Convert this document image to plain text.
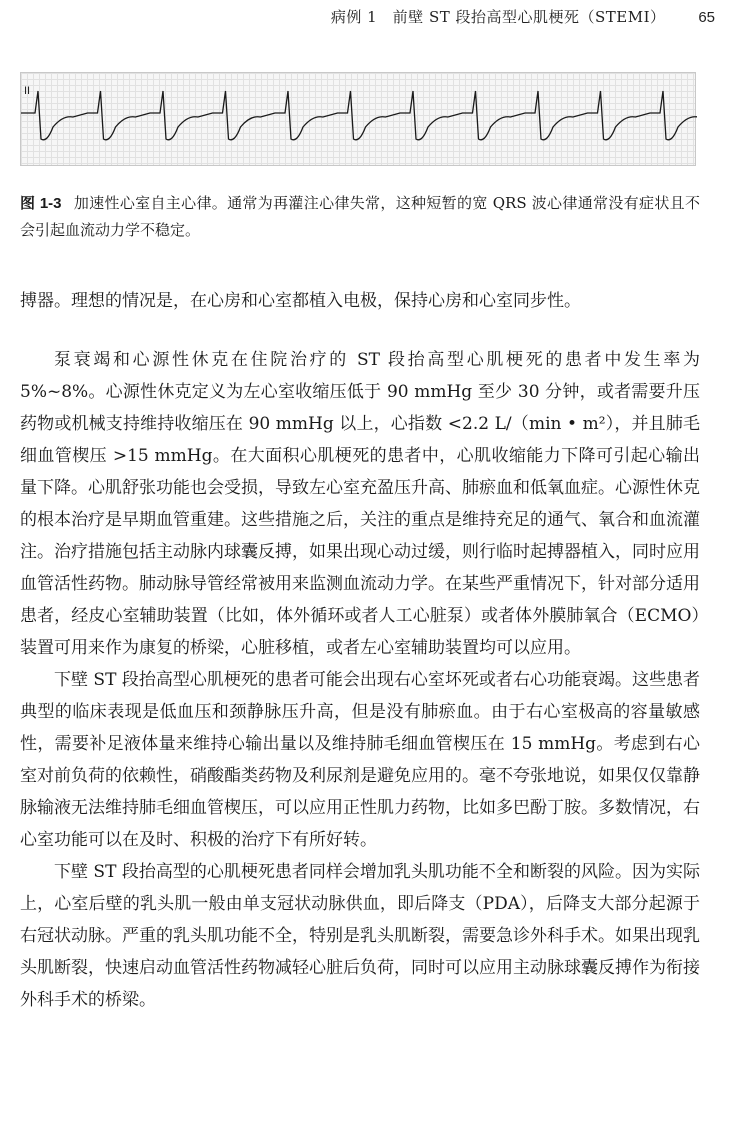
病例 1　前壁 ST 段抬高型心肌梗死（STEMI） 65
II
图 1-3 加速性心室自主心律。通常为再灌注心律失常，这种短暂的宽 QRS 波心律通常没有症状且不会引起血流动力学不稳定。

搏器。理想的情况是，在心房和心室都植入电极，保持心房和心室同步性。

泵衰竭和心源性休克在住院治疗的 ST 段抬高型心肌梗死的患者中发生率为 5%~8%。心源性休克定义为左心室收缩压低于 90 mmHg 至少 30 分钟，或者需要升压药物或机械支持维持收缩压在 90 mmHg 以上，心指数 <2.2 L/（min • m²），并且肺毛细血管楔压 >15 mmHg。在大面积心肌梗死的患者中，心肌收缩能力下降可引起心输出量下降。心肌舒张功能也会受损，导致左心室充盈压升高、肺瘀血和低氧血症。心源性休克的根本治疗是早期血管重建。这些措施之后，关注的重点是维持充足的通气、氧合和血流灌注。治疗措施包括主动脉内球囊反搏，如果出现心动过缓，则行临时起搏器植入，同时应用血管活性药物。肺动脉导管经常被用来监测血流动力学。在某些严重情况下，针对部分适用患者，经皮心室辅助装置（比如，体外循环或者人工心脏泵）或者体外膜肺氧合（ECMO）装置可用来作为康复的桥梁，心脏移植，或者左心室辅助装置均可以应用。

下壁 ST 段抬高型心肌梗死的患者可能会出现右心室坏死或者右心功能衰竭。这些患者典型的临床表现是低血压和颈静脉压升高，但是没有肺瘀血。由于右心室极高的容量敏感性，需要补足液体量来维持心输出量以及维持肺毛细血管楔压在 15 mmHg。考虑到右心室对前负荷的依赖性，硝酸酯类药物及利尿剂是避免应用的。毫不夸张地说，如果仅仅靠静脉输液无法维持肺毛细血管楔压，可以应用正性肌力药物，比如多巴酚丁胺。多数情况，右心室功能可以在及时、积极的治疗下有所好转。

下壁 ST 段抬高型的心肌梗死患者同样会增加乳头肌功能不全和断裂的风险。因为实际上，心室后壁的乳头肌一般由单支冠状动脉供血，即后降支（PDA），后降支大部分起源于右冠状动脉。严重的乳头肌功能不全，特别是乳头肌断裂，需要急诊外科手术。如果出现乳头肌断裂，快速启动血管活性药物减轻心脏后负荷，同时可以应用主动脉球囊反搏作为衔接外科手术的桥梁。
